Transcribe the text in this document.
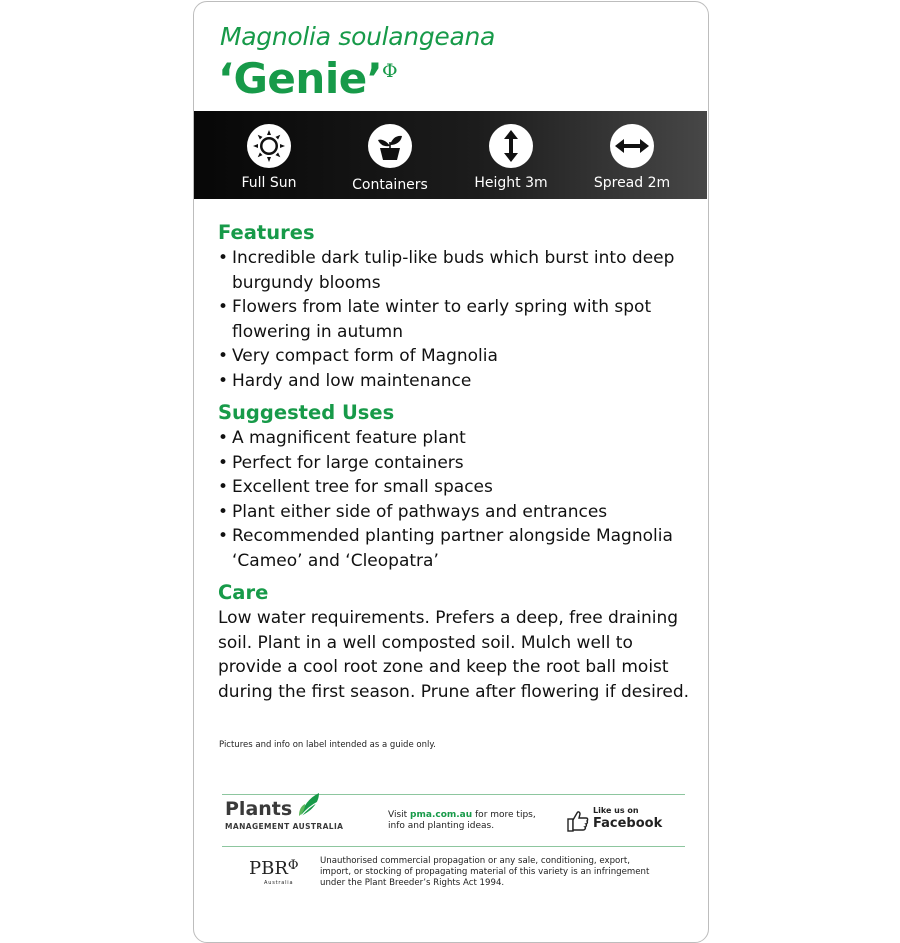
Magnolia soulangeana
‘Genie’ Φ
Full Sun	Containers	Height 3m	Spread 2m
Features
• Incredible dark tulip-like buds which burst into deep burgundy blooms
• Flowers from late winter to early spring with spot flowering in autumn
• Very compact form of Magnolia
• Hardy and low maintenance
Suggested Uses
• A magnificent feature plant
• Perfect for large containers
• Excellent tree for small spaces
• Plant either side of pathways and entrances
• Recommended planting partner alongside Magnolia ‘Cameo’ and ‘Cleopatra’
Care
Low water requirements. Prefers a deep, free draining soil. Plant in a well composted soil. Mulch well to provide a cool root zone and keep the root ball moist during the first season. Prune after flowering if desired.
Pictures and info on label intended as a guide only.
Plants
MANAGEMENT AUSTRALIA
Visit pma.com.au for more tips, info and planting ideas.
Like us on
Facebook
$PBR^\Phi$
Australia
Unauthorised commercial propagation or any sale, conditioning, export, import, or stocking of propagating material of this variety is an infringement under the Plant Breeder’s Rights Act 1994.
